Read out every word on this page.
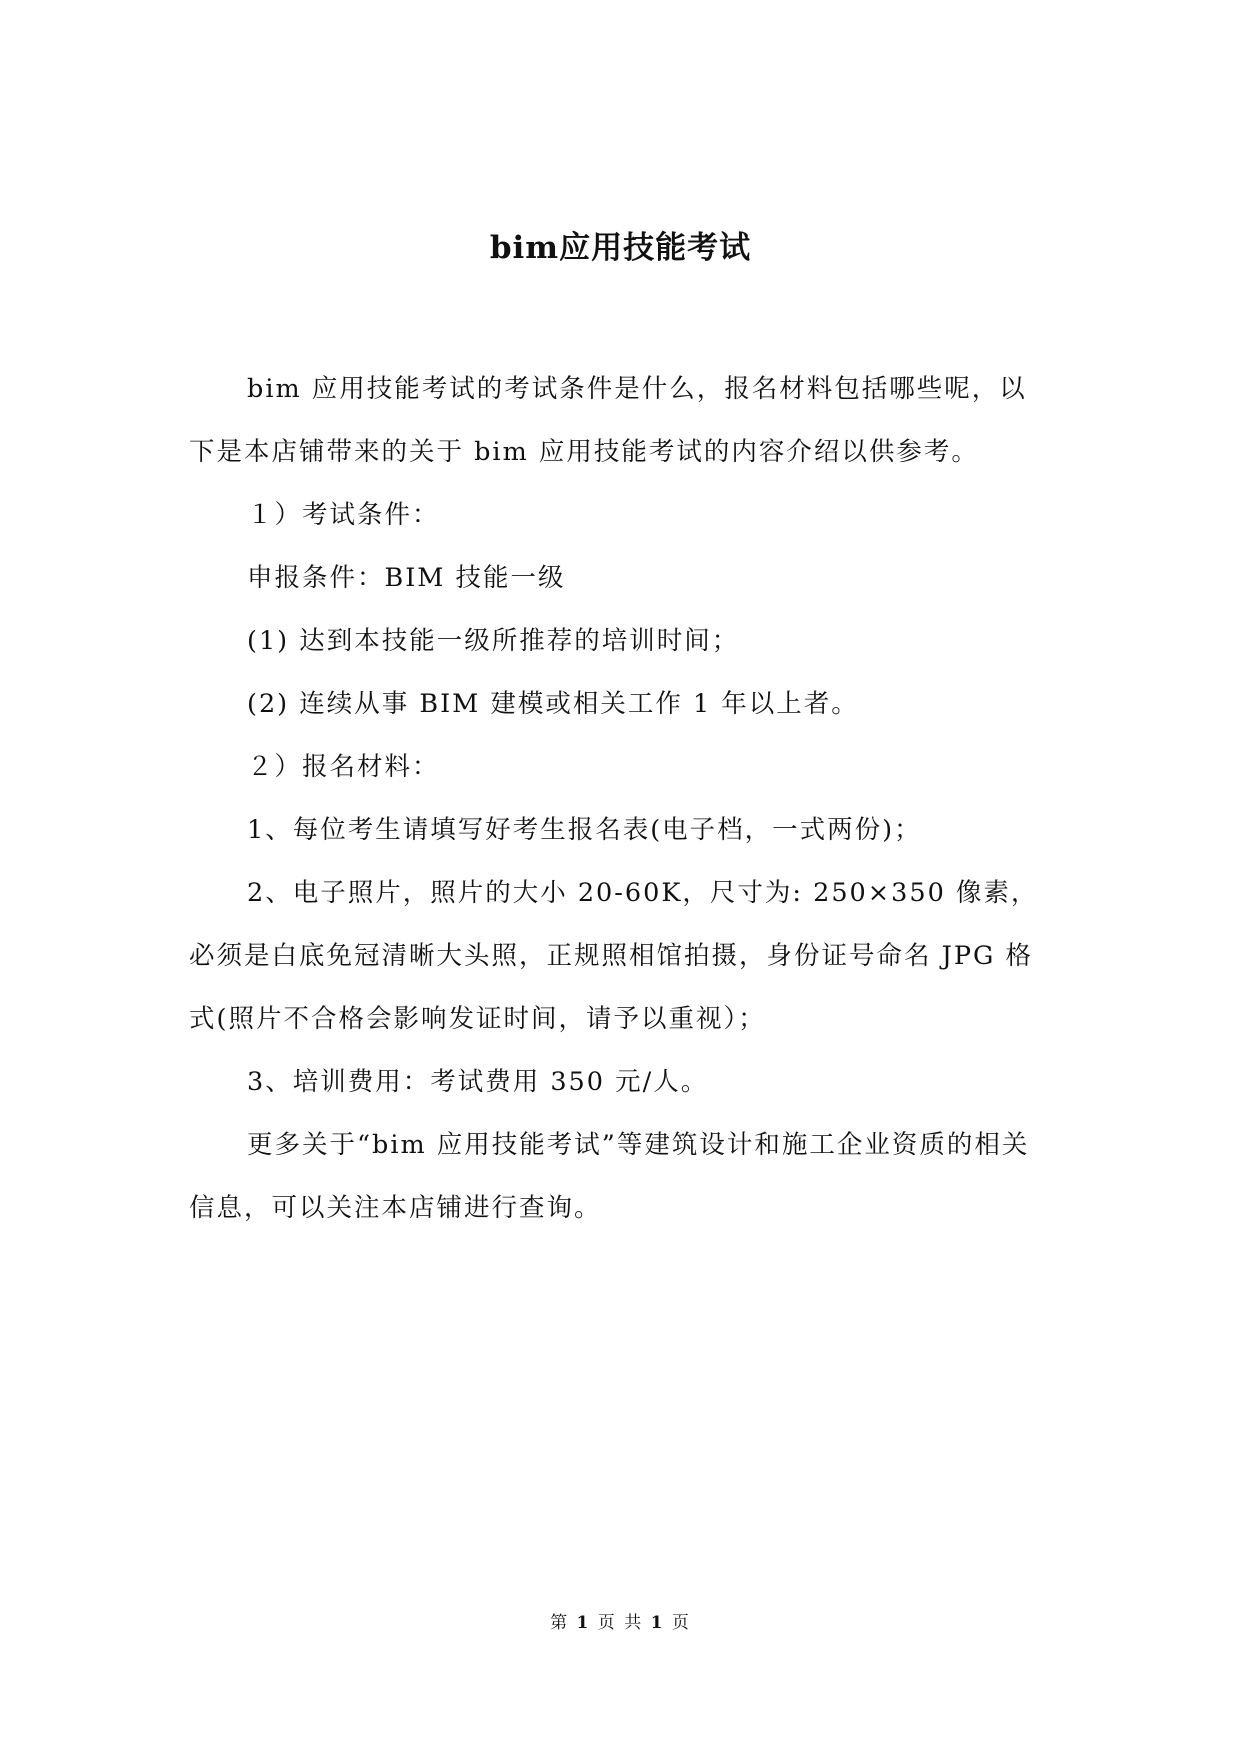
bim应用技能考试

bim 应用技能考试的考试条件是什么，报名材料包括哪些呢，以下是本店铺带来的关于 bim 应用技能考试的内容介绍以供参考。

１）考试条件：

申报条件：BIM 技能一级

(1) 达到本技能一级所推荐的培训时间；

(2) 连续从事 BIM 建模或相关工作 1 年以上者。

２）报名材料：

1、每位考生请填写好考生报名表(电子档，一式两份)；

2、电子照片，照片的大小 20-60K，尺寸为: 250×350 像素，必须是白底免冠清晰大头照，正规照相馆拍摄，身份证号命名 JPG 格式(照片不合格会影响发证时间，请予以重视）；

3、培训费用：考试费用 350 元/人。

更多关于“bim 应用技能考试”等建筑设计和施工企业资质的相关信息，可以关注本店铺进行查询。

第 1 页 共 1 页
